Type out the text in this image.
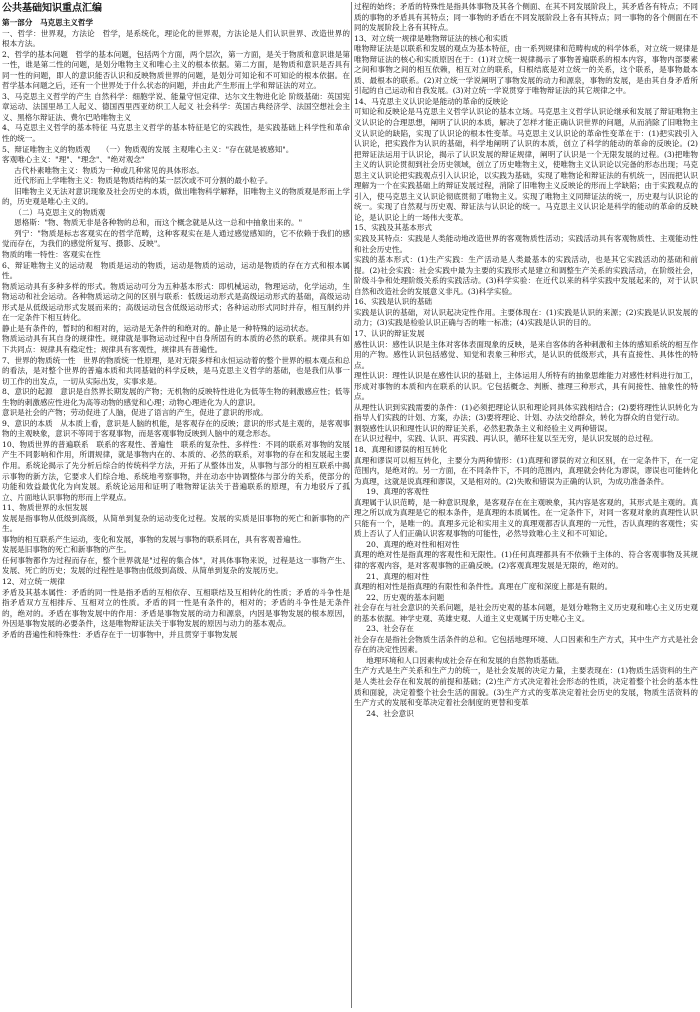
公共基础知识重点汇编

第一部分　马克思主义哲学

一、哲学：世界观，方法论　哲学，是系统化，理论化的世界观，方法论是人们认识世界、改造世界的根本方法。

2、哲学的基本问题　哲学的基本问题，包括两个方面，两个层次，第一方面，是关于物质和意识谁是第一性，谁是第二性的问题，是划分唯物主义和唯心主义的根本依据。第二方面，是物质和意识是否具有同一性的问题，即人的意识能否认识和反映物质世界的问题，是划分可知论和不可知论的根本依据。在哲学基本问题之后，还有一个世界处于什么状态的问题，并由此产生形而上学和辩证法的对立。

3、马克思主义哲学的产生 自然科学：细胞学说、能量守恒定律、达尔文生物进化论 阶级基础：英国宪章运动、法国里昂工人起义、德国西里西亚纺织工人起义 社会科学：英国古典经济学、法国空想社会主义、黑格尔辩证法、费尔巴哈唯物主义

4、马克思主义哲学的基本特征 马克思主义哲学的基本特征是它的实践性，是实践基础上科学性和革命性的统一。

5、辩证唯物主义的物质观　　（一）物质观的发展 主观唯心主义："存在就是被感知"。

客观唯心主义："理"、"理念"、"绝对观念"

古代朴素唯物主义：物质为一种或几种常见的具体形态。

近代形而上学唯物主义：物质是物质结构的某一层次或不可分割的最小粒子。

旧唯物主义无法对意识现象及社会历史的本质，做出唯物科学解释，旧唯物主义的物质观是形而上学的，历史观是唯心主义的。

（二）马克思主义的物质观

恩格斯："物、物质无非是各种物的总和，而这个概念就是从这一总和中抽象出来的。"

列宁："物质是标志客观实在的哲学范畴，这种客观实在是人通过感觉感知的，它不依赖于我们的感觉而存在，为我们的感觉所复写、摄影、反映"。

物质的唯一特性：客观实在性

6、辩证唯物主义的运动观　物质是运动的物质，运动是物质的运动，运动是物质的存在方式和根本属性。

物质运动具有多种多样的形式。物质运动可分为五种基本形式：即机械运动，物理运动，化学运动，生物运动和社会运动。各种物质运动之间的区别与联系：低级运动形式是高级运动形式的基础，高级运动形式是从低级运动形式发展而来的；高级运动包含低级运动形式；各种运动形式同时并存，相互制约并在一定条件下相互转化。

静止是有条件的，暂时的和相对的，运动是无条件的和绝对的。静止是一种特殊的运动状态。

物质运动具有其自身的规律性。规律就是事物运动过程中自身所固有的本质的必然的联系。规律具有如下共同点：规律具有稳定性；规律具有客观性，规律具有普遍性。

7、世界的物质统一性　世界的物质统一性原理，是对无限多样和永恒运动着的整个世界的根本观点和总的看法，是对整个世界的普遍本质和共同基础的科学反映，是马克思主义哲学的基础，也是我们从事一切工作的出发点，一切从实际出发，实事求是。

8、意识的起源　意识是自然界长期发展的产物；无机物的反映特性进化为低等生物的刺激感应性；低等生物的刺激感应性进化为高等动物的感觉和心理；动物心理进化为人的意识。

意识是社会的产物；劳动促进了人脑，促进了语言的产生，促进了意识的形成。

9、意识的本质　从本质上看，意识是人脑的机能，是客观存在的反映；意识的形式是主观的，是客观事物的主观映象，意识不等同于客观事物，而是客观事物反映到人脑中的观念形态。

10、物质世界的普遍联系　联系的客观性、普遍性　联系的复杂性、多样性：不同的联系对事物的发展产生不同影响和作用，所谓规律，就是事物内在的、本质的、必然的联系，对事物的存在和发展起主要作用。系统论揭示了先分析后综合的传统科学方法，开拓了从整体出发，从事物与部分的相互联系中揭示事物的新方法，它要求人们综合地、系统地考察事物，并在动态中协调整体与部分的关系，使部分的功能和效益最优化为向发展。系统论运用和证明了唯物辩证法关于普遍联系的原理，有力地驳斥了孤立、片面地认识事物的形而上学观点。

11、物质世界的永恒发展

发展是指事物从低级到高级，从简单到复杂的运动变化过程。发展的实质是旧事物的死亡和新事物的产生。

事物的相互联系产生运动，变化和发展，事物的发展与事物的联系同在，具有客观普遍性。

发展是旧事物的死亡和新事物的产生。

任何事物都作为过程而存在，整个世界就是"过程的集合体"，对具体事物来说，过程是这一事物产生、发展、死亡的历史；发展的过程性是事物由低级到高级、从简单到复杂的发展历史。

12、对立统一规律

矛盾及其基本属性：矛盾的同一性是指矛盾的互相依存、互相联结及互相转化的性质；矛盾的斗争性是指矛盾双方互相排斥、互相对立的性质。矛盾的同一性是有条件的，相对的；矛盾的斗争性是无条件的，绝对的。矛盾在事物发展中的作用：矛盾是事物发展的动力和源泉，内因是事物发展的根本原因，外因是事物发展的必要条件，这是唯物辩证法关于事物发展的原因与动力的基本观点。

矛盾的普遍性和特殊性：矛盾存在于一切事物中，并且贯穿于事物发展

过程的始终；矛盾的特殊性是指具体事物及其各个侧面、在其不同发展阶段上，其矛盾各有特点；不同质的事物的矛盾具有其特点；同一事物的矛盾在不同发展阶段上各有其特点；同一事物的各个侧面在不同的发展阶段上各有其特点。

13、对立统一规律是唯物辩证法的核心和实质

唯物辩证法是以联系和发展的观点为基本特征，由一系列规律和范畴构成的科学体系，对立统一规律是唯物辩证法的核心和实质原因在于：(1)对立统一规律揭示了事物普遍联系的根本内容，事物内部要素之间和事物之间的相互依赖，相互对立的联系，归根结底是对立统一的关系，这个联系，是事物最本质、最根本的联系。(2)对立统一学说阐明了事物发展的动力和源泉，事物的发展，是由其自身矛盾所引起的自己运动和自我发展。(3)对立统一学说贯穿于唯物辩证法的其它规律之中。

14、马克思主义认识论是能动的革命的反映论

可知论和反映论是马克思主义哲学认识论的基本立场。马克思主义哲学认识论继承和发展了辩证唯物主义认识论的合理思想，阐明了认识的本质，解决了怎样才能正确认识世界的问题，从而消除了旧唯物主义认识论的缺陷，实现了认识论的根本性变革。马克思主义认识论的革命性变革在于：(1)把实践引入认识论，把实践作为认识的基础，科学地阐明了认识的本质，创立了科学的能动的革命的反映论。(2)把辩证法运用于认识论，揭示了认识发展的辩证规律，阐明了认识是一个无限发展的过程。(3)把唯物主义的认识论贯彻到社会历史领域，创立了历史唯物主义，使唯物主义认识论以完备的形态出现；马克思主义认识论把实践观点引入认识论，以实践为基础，实现了唯物论和辩证法的有机统一，因而把认识理解为一个在实践基础上的辩证发展过程，消除了旧唯物主义反映论的形而上学缺陷；由于实践观点的引入，使马克思主义认识论彻底贯彻了唯物主义。实现了唯物主义同辩证法的统一，历史观与认识论的统一。实现了自然观与历史观、辩证法与认识论的统一。马克思主义认识论是科学的能动的革命的反映论，是认识论上的一场伟大变革。

15、实践及其基本形式

实践及其特点：实践是人类能动地改造世界的客观物质性活动；实践活动具有客观物质性、主观能动性和社会历史性。

实践的基本形式：(1)生产实践：生产活动是人类最基本的实践活动，也是其它实践活动的基础和前提。(2)社会实践：社会实践中最为主要的实践形式是建立和调整生产关系的实践活动，在阶级社会，阶级斗争和处理阶级关系的实践活动。(3)科学实验：在近代以来的科学实践中发展起来的，对于认识自然和改造社会的发展意义非凡。(3)科学实验。

16、实践是认识的基础

实践是认识的基础，对认识起决定性作用。主要体现在：(1)实践是认识的来源；(2)实践是认识发展的动力；(3)实践是检验认识正确与否的唯一标准；(4)实践是认识的目的。

17、认识的辩证发展

感性认识：感性认识是主体对客体表面现象的反映，是来自客体的各种刺激和主体的感知系统的相互作用的产物。感性认识包括感觉、知觉和表象三种形式，是认识的低级形式，具有直接性、具体性的特点。

理性认识：理性认识是在感性认识的基础上，主体运用人所特有的抽象思维能力对感性材料进行加工，形成对事物的本质和内在联系的认识。它包括概念、判断、推理三种形式，具有间接性、抽象性的特点。

从理性认识到实践需要的条件：(1)必须把理论认识和理论同具体实践相结合；(2)要将理性认识转化为指导人们实践的计划、方案，办法；(3)要将理论、计划、办法交给群众，转化为群众的自觉行动。

割裂感性认识和理性认识的辩证关系，必然犯教条主义和经验主义两种错误。

在认识过程中，实践、认识、再实践、再认识，循环往复以至无穷，是认识发展的总过程。

18、真理和谬误的相互转化

真理和谬误可以相互转化，主要分为两种情形：(1)真理和谬误的对立和区别，在一定条件下，在一定范围内，是绝对的。另一方面，在不同条件下，不同的范围内，真理就会转化为谬误，谬误也可能转化为真理，这就是说真理和谬误，又是相对的。(2)失败和错误为正确的认识，为成功准备条件。

19、真理的客观性

真理属于认识范畴，是一种意识现象，是客观存在在主观映象，其内容是客观的，其形式是主观的。真理之所以成为真理是它的根本条件，是真理的本质属性。在一定条件下，对同一客观对象的真理性认识只能有一个，是唯一的。真理多元论和实用主义的真理观都否认真理的一元性，否认真理的客观性；实质上否认了人们正确认识客观事物的可能性，必然导致唯心主义和不可知论。

20、真理的绝对性和相对性

真理的绝对性是指真理的客观性和无限性。(1)任何真理都具有不依赖于主体的、符合客观事物及其规律的客观内容，是对客观事物的正确反映。(2)客观真理发展是无限的，绝对的。

21、真理的相对性

真理的相对性是指真理的有限性和条件性。真理在广度和深度上都是有限的。

22、历史观的基本问题

社会存在与社会意识的关系问题，是社会历史观的基本问题，是划分唯物主义历史观和唯心主义历史观的基本依据。神学史观、英雄史观、人道主义史观属于历史唯心主义。

23、社会存在

社会存在是指社会物质生活条件的总和。它包括地理环境、人口因素和生产方式，其中生产方式是社会存在的决定性因素。

地理环境和人口因素构成社会存在和发展的自然物质基础。

生产方式是生产关系和生产力的统一，是社会发展的决定力量，主要表现在：(1)物质生活资料的生产是人类社会存在和发展的前提和基础；(2)生产方式决定着社会形态的性质，决定着整个社会的基本性质和面貌，决定着整个社会生活的面貌。(3)生产方式的变革决定着社会历史的发展，物质生活资料的生产方式的发展和变革决定着社会制度的更替和变革

24、社会意识
